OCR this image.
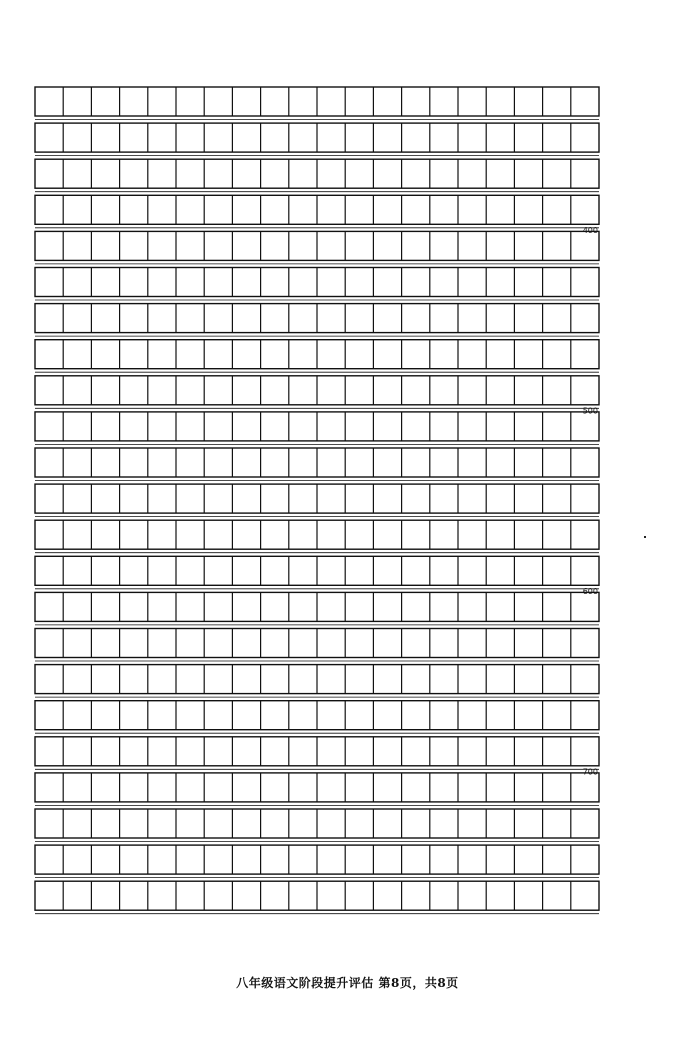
400
500
600
700
八年级语文阶段提升评估 第8页，共8页
